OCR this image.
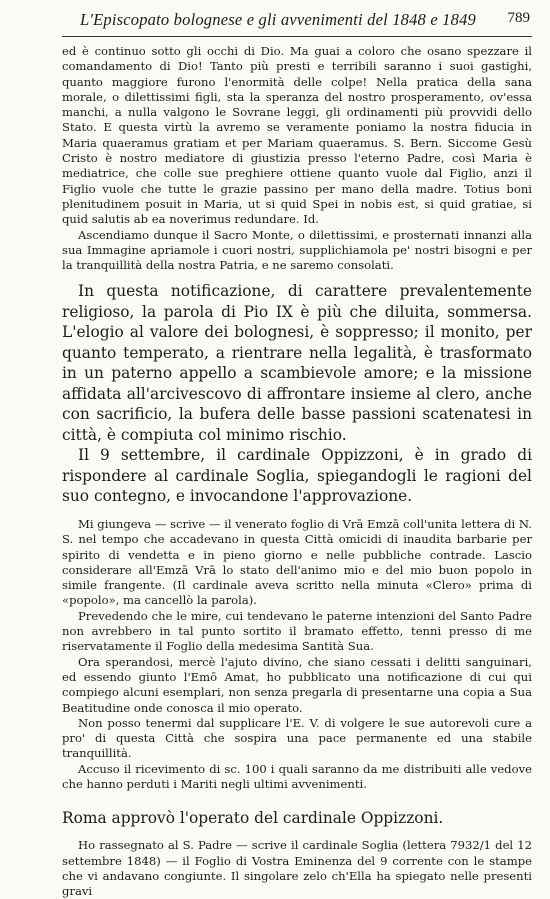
L'Episcopato bolognese e gli avvenimenti del 1848 e 1849 789

ed è continuo sotto gli occhi di Dio. Ma guai a coloro che osano spezzare il comandamento di Dio! Tanto più presti e terribili saranno i suoi gastighi, quanto maggiore furono l'enormità delle colpe! Nella pratica della sana morale, o dilettissimi figli, sta la speranza del nostro prosperamento, ov'essa manchi, a nulla valgono le Sovrane leggi, gli ordinamenti più provvidi dello Stato. E questa virtù la avremo se veramente poniamo la nostra fiducia in Maria quaeramus gratiam et per Mariam quaeramus. S. Bern. Siccome Gesù Cristo è nostro mediatore di giustizia presso l'eterno Padre, così Maria è mediatrice, che colle sue preghiere ottiene quanto vuole dal Figlio, anzi il Figlio vuole che tutte le grazie passino per mano della madre. Totius boni plenitudinem posuit in Maria, ut si quid Spei in nobis est, si quid gratiae, si quid salutis ab ea noverimus redundare. Id.

Ascendiamo dunque il Sacro Monte, o dilettissimi, e prosternati innanzi alla sua Immagine apriamole i cuori nostri, supplichiamola pe' nostri bisogni e per la tranquillità della nostra Patria, e ne saremo consolati.

In questa notificazione, di carattere prevalentemente religioso, la parola di Pio IX è più che diluita, sommersa. L'elogio al valore dei bolognesi, è soppresso; il monito, per quanto temperato, a rientrare nella legalità, è trasformato in un paterno appello a scambievole amore; e la missione affidata all'arcivescovo di affrontare insieme al clero, anche con sacrificio, la bufera delle basse passioni scatenatesi in città, è compiuta col minimo rischio.

Il 9 settembre, il cardinale Oppizzoni, è in grado di rispondere al cardinale Soglia, spiegandogli le ragioni del suo contegno, e invocandone l'approvazione.

Mi giungeva — scrive — il venerato foglio di Vrā Emzā coll'unita lettera di N. S. nel tempo che accadevano in questa Città omicidi di inaudita barbarie per spirito di vendetta e in pieno giorno e nelle pubbliche contrade. Lascio considerare all'Emzā Vrā lo stato dell'animo mio e del mio buon popolo in simile frangente. (Il cardinale aveva scritto nella minuta «Clero» prima di «popolo», ma cancellò la parola).

Prevedendo che le mire, cui tendevano le paterne intenzioni del Santo Padre non avrebbero in tal punto sortito il bramato effetto, tenni presso di me riservatamente il Foglio della medesima Santità Sua.

Ora sperandosi, mercè l'ajuto divino, che siano cessati i delitti sanguinari, ed essendo giunto l'Emō Amat, ho pubblicato una notificazione di cui qui compiego alcuni esemplari, non senza pregarla di presentarne una copia a Sua Beatitudine onde conosca il mio operato.

Non posso tenermi dal supplicare l'E. V. di volgere le sue autorevoli cure a pro' di questa Città che sospira una pace permanente ed una stabile tranquillità.

Accuso il ricevimento di sc. 100 i quali saranno da me distribuiti alle vedove che hanno perduti i Mariti negli ultimi avvenimenti.

Roma approvò l'operato del cardinale Oppizzoni.

Ho rassegnato al S. Padre — scrive il cardinale Soglia (lettera 7932/1 del 12 settembre 1848) — il Foglio di Vostra Eminenza del 9 corrente con le stampe che vi andavano congiunte. Il singolare zelo ch'Ella ha spiegato nelle presenti gravi
